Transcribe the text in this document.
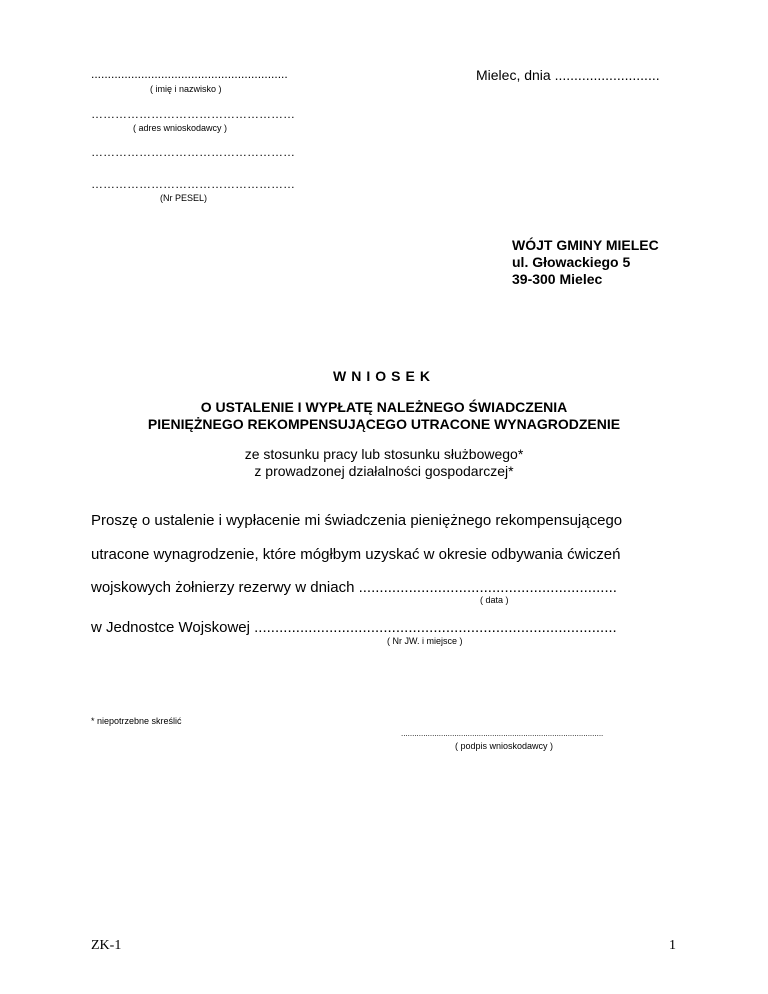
...........................................................
( imię i nazwisko )
……………………………………………
( adres wnioskodawcy )
……………………………………………
……………………………………………
(Nr PESEL)
Mielec, dnia ...........................
WÓJT GMINY MIELEC
ul. Głowackiego 5
39-300 Mielec
WNIOSEK
O USTALENIE I WYPŁATĘ NALEŻNEGO ŚWIADCZENIA
PIENIĘŻNEGO REKOMPENSUJĄCEGO UTRACONE WYNAGRODZENIE
ze stosunku pracy lub stosunku służbowego*
z prowadzonej działalności gospodarczej*
Proszę o ustalenie i wypłacenie mi świadczenia pieniężnego rekompensującego
utracone wynagrodzenie, które mógłbym uzyskać w okresie odbywania ćwiczeń
wojskowych żołnierzy rezerwy w dniach ..............................................................
( data )
w Jednostce Wojskowej .......................................................................................
( Nr JW. i miejsce )
* niepotrzebne skreślić
...........................................................................................
( podpis wnioskodawcy )
ZK-1	1
